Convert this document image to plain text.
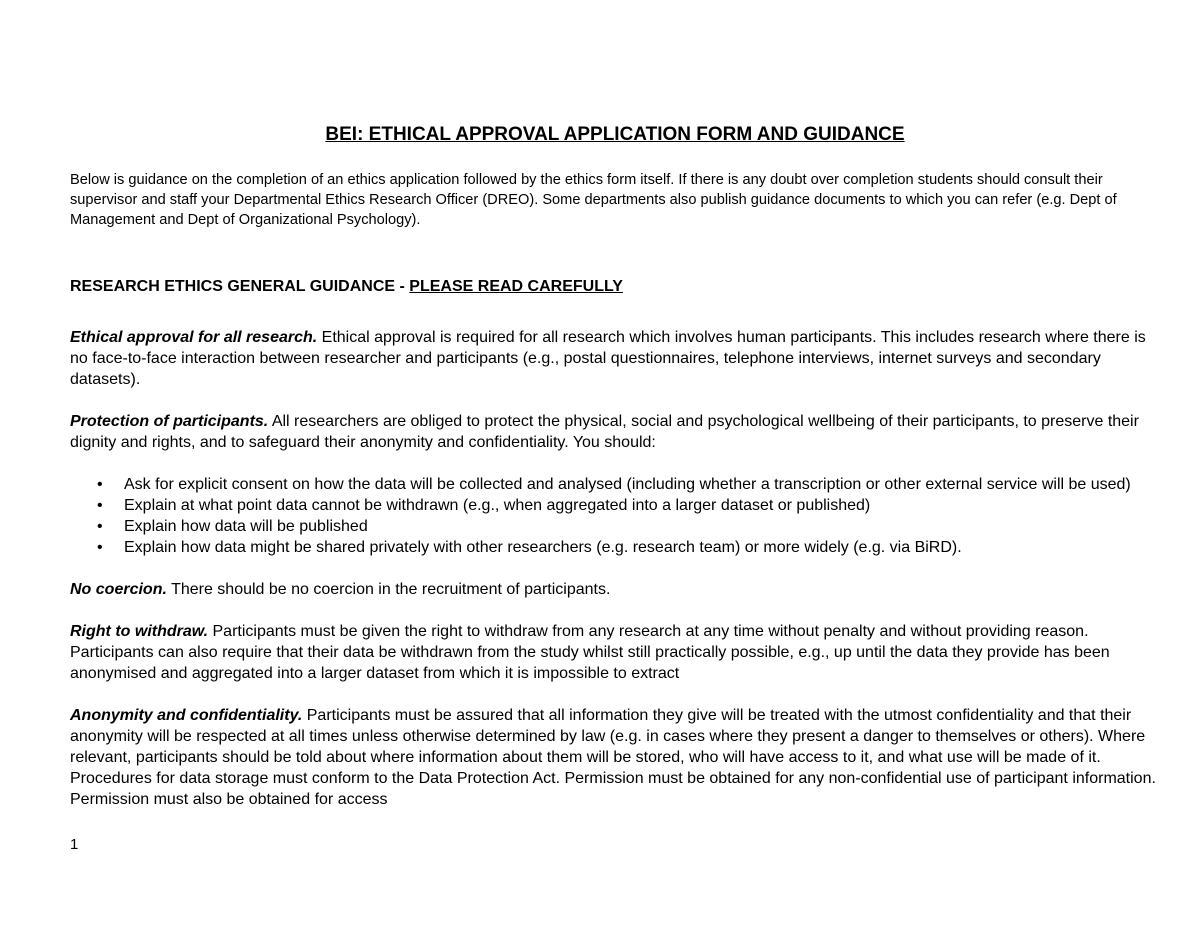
BEI: ETHICAL APPROVAL APPLICATION FORM AND GUIDANCE

Below is guidance on the completion of an ethics application followed by the ethics form itself. If there is any doubt over completion students should consult their supervisor and staff your Departmental Ethics Research Officer (DREO). Some departments also publish guidance documents to which you can refer (e.g. Dept of Management and Dept of Organizational Psychology).

RESEARCH ETHICS GENERAL GUIDANCE - PLEASE READ CAREFULLY

Ethical approval for all research. Ethical approval is required for all research which involves human participants. This includes research where there is no face-to-face interaction between researcher and participants (e.g., postal questionnaires, telephone interviews, internet surveys and secondary datasets).

Protection of participants. All researchers are obliged to protect the physical, social and psychological wellbeing of their participants, to preserve their dignity and rights, and to safeguard their anonymity and confidentiality. You should:

• Ask for explicit consent on how the data will be collected and analysed (including whether a transcription or other external service will be used)
• Explain at what point data cannot be withdrawn (e.g., when aggregated into a larger dataset or published)
• Explain how data will be published
• Explain how data might be shared privately with other researchers (e.g. research team) or more widely (e.g. via BiRD).

No coercion. There should be no coercion in the recruitment of participants.

Right to withdraw. Participants must be given the right to withdraw from any research at any time without penalty and without providing reason. Participants can also require that their data be withdrawn from the study whilst still practically possible, e.g., up until the data they provide has been anonymised and aggregated into a larger dataset from which it is impossible to extract

Anonymity and confidentiality. Participants must be assured that all information they give will be treated with the utmost confidentiality and that their anonymity will be respected at all times unless otherwise determined by law (e.g. in cases where they present a danger to themselves or others). Where relevant, participants should be told about where information about them will be stored, who will have access to it, and what use will be made of it. Procedures for data storage must conform to the Data Protection Act. Permission must be obtained for any non-confidential use of participant information. Permission must also be obtained for access

1
